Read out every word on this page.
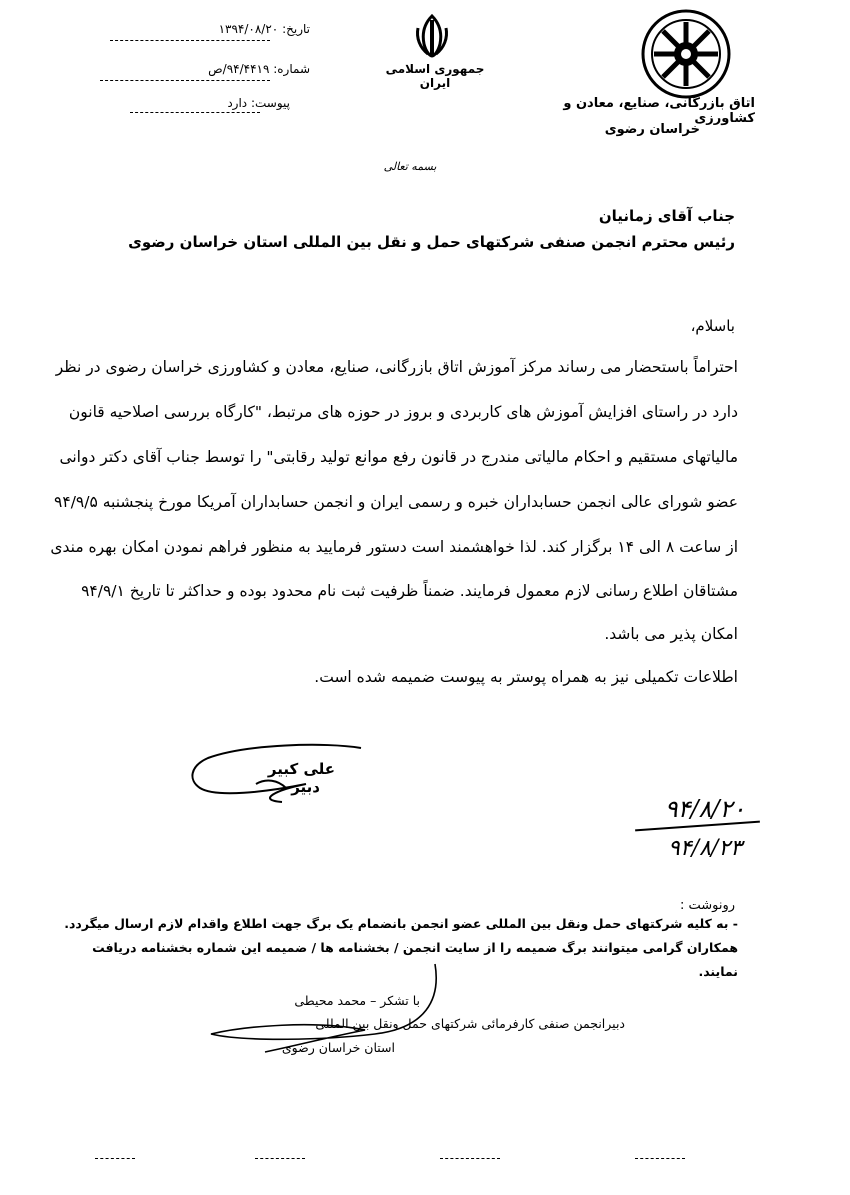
اتاق بازرگانی، صنایع، معادن و کشاورزی
خراسان رضوی
جمهوری اسلامی ایران
تاریخ: ۱۳۹۴/۰۸/۲۰
شماره: ۹۴/۴۴۱۹/ص
پیوست: دارد
بسمه تعالی
جناب آقای زمانیان
رئیس محترم انجمن صنفی شرکتهای حمل و نقل بین المللی استان خراسان رضوی
باسلام،
احتراماً باستحضار می رساند مرکز آموزش اتاق بازرگانی، صنایع، معادن و کشاورزی خراسان رضوی در نظر
دارد در راستای افزایش آموزش های کاربردی و بروز در حوزه های مرتبط، "کارگاه بررسی اصلاحیه قانون
مالیاتهای مستقیم و احکام مالیاتی مندرج در قانون رفع موانع تولید رقابتی" را توسط جناب آقای دکتر دوانی
عضو شورای عالی انجمن حسابداران خبره و رسمی ایران و انجمن حسابداران آمریکا مورخ پنجشنبه ۹۴/۹/۵
از ساعت ۸ الی ۱۴ برگزار کند. لذا خواهشمند است دستور فرمایید به منظور فراهم نمودن امکان بهره مندی
مشتاقان اطلاع رسانی لازم معمول فرمایند. ضمناً ظرفیت ثبت نام محدود بوده و حداکثر تا تاریخ ۹۴/۹/۱
امکان پذیر می باشد.
اطلاعات تکمیلی نیز به همراه پوستر به پیوست ضمیمه شده است.
علی کبیر
دبیر
۹۴/۸/۲۰
۹۴/۸/۲۳
رونوشت :
- به کلیه شرکتهای حمل ونقل بین المللی عضو انجمن بانضمام یک برگ جهت اطلاع واقدام لازم ارسال میگردد.
همکاران گرامی میتوانند برگ ضمیمه را از سایت انجمن / بخشنامه ها / ضمیمه این شماره بخشنامه دریافت
نمایند.
با تشکر – محمد محیطی
دبیرانجمن صنفی کارفرمائی شرکتهای حمل ونقل بین المللی
استان خراسان رضوی
